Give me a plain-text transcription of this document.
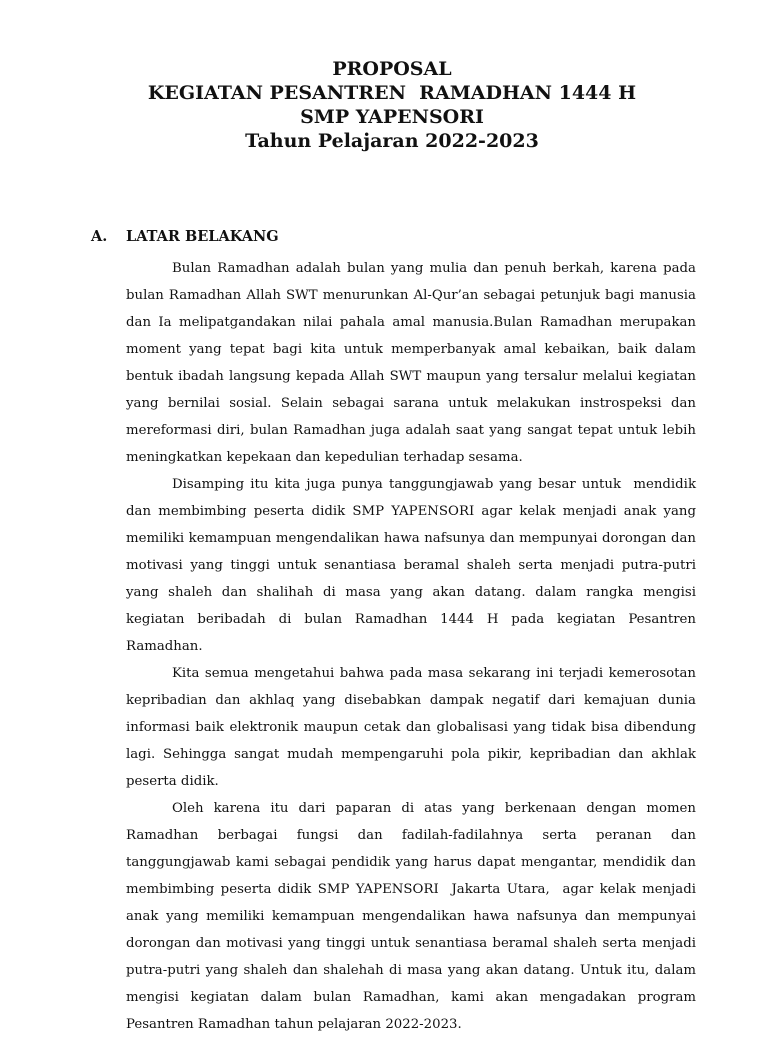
PROPOSAL
KEGIATAN PESANTREN  RAMADHAN 1444 H
SMP YAPENSORI
Tahun Pelajaran 2022-2023
A. LATAR BELAKANG

Bulan Ramadhan adalah bulan yang mulia dan penuh berkah, karena pada bulan Ramadhan Allah SWT menurunkan Al-Qur’an sebagai petunjuk bagi manusia dan Ia melipatgandakan nilai pahala amal manusia.Bulan Ramadhan merupakan moment yang tepat bagi kita untuk memperbanyak amal kebaikan, baik dalam bentuk ibadah langsung kepada Allah SWT maupun yang tersalur melalui kegiatan yang bernilai sosial. Selain sebagai sarana untuk melakukan instrospeksi dan mereformasi diri, bulan Ramadhan juga adalah saat yang sangat tepat untuk lebih meningkatkan kepekaan dan kepedulian terhadap sesama.

Disamping itu kita juga punya tanggungjawab yang besar untuk  mendidik dan membimbing peserta didik SMP YAPENSORI agar kelak menjadi anak yang memiliki kemampuan mengendalikan hawa nafsunya dan mempunyai dorongan dan motivasi yang tinggi untuk senantiasa beramal shaleh serta menjadi putra-putri yang shaleh dan shalihah di masa yang akan datang. dalam rangka mengisi kegiatan beribadah di bulan Ramadhan 1444 H pada kegiatan Pesantren Ramadhan.

Kita semua mengetahui bahwa pada masa sekarang ini terjadi kemerosotan kepribadian dan akhlaq yang disebabkan dampak negatif dari kemajuan dunia informasi baik elektronik maupun cetak dan globalisasi yang tidak bisa dibendung lagi. Sehingga sangat mudah mempengaruhi pola pikir, kepribadian dan akhlak peserta didik.

Oleh karena itu dari paparan di atas yang berkenaan dengan momen Ramadhan berbagai fungsi dan fadilah-fadilahnya serta peranan dan tanggungjawab kami sebagai pendidik yang harus dapat mengantar, mendidik dan membimbing peserta didik SMP YAPENSORI  Jakarta Utara,  agar kelak menjadi anak yang memiliki kemampuan mengendalikan hawa nafsunya dan mempunyai dorongan dan motivasi yang tinggi untuk senantiasa beramal shaleh serta menjadi putra-putri yang shaleh dan shalehah di masa yang akan datang. Untuk itu, dalam mengisi kegiatan dalam bulan Ramadhan, kami akan mengadakan program Pesantren Ramadhan tahun pelajaran 2022-2023.
